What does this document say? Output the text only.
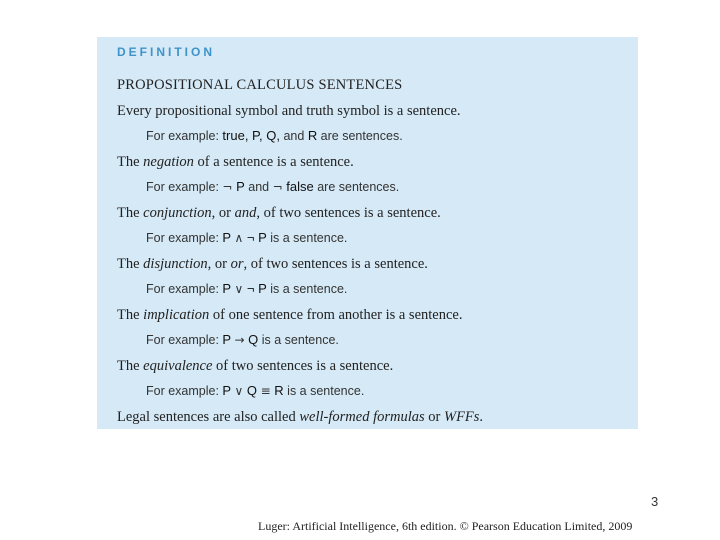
DEFINITION
PROPOSITIONAL CALCULUS SENTENCES
Every propositional symbol and truth symbol is a sentence.
For example: true, P, Q, and R are sentences.
The negation of a sentence is a sentence.
For example: ¬ P and ¬ false are sentences.
The conjunction, or and, of two sentences is a sentence.
For example: P ∧ ¬ P is a sentence.
The disjunction, or or, of two sentences is a sentence.
For example: P ∨ ¬ P is a sentence.
The implication of one sentence from another is a sentence.
For example: P → Q is a sentence.
The equivalence of two sentences is a sentence.
For example: P ∨ Q ≡ R is a sentence.
Legal sentences are also called well-formed formulas or WFFs.
3
Luger: Artificial Intelligence, 6th edition. © Pearson Education Limited, 2009
